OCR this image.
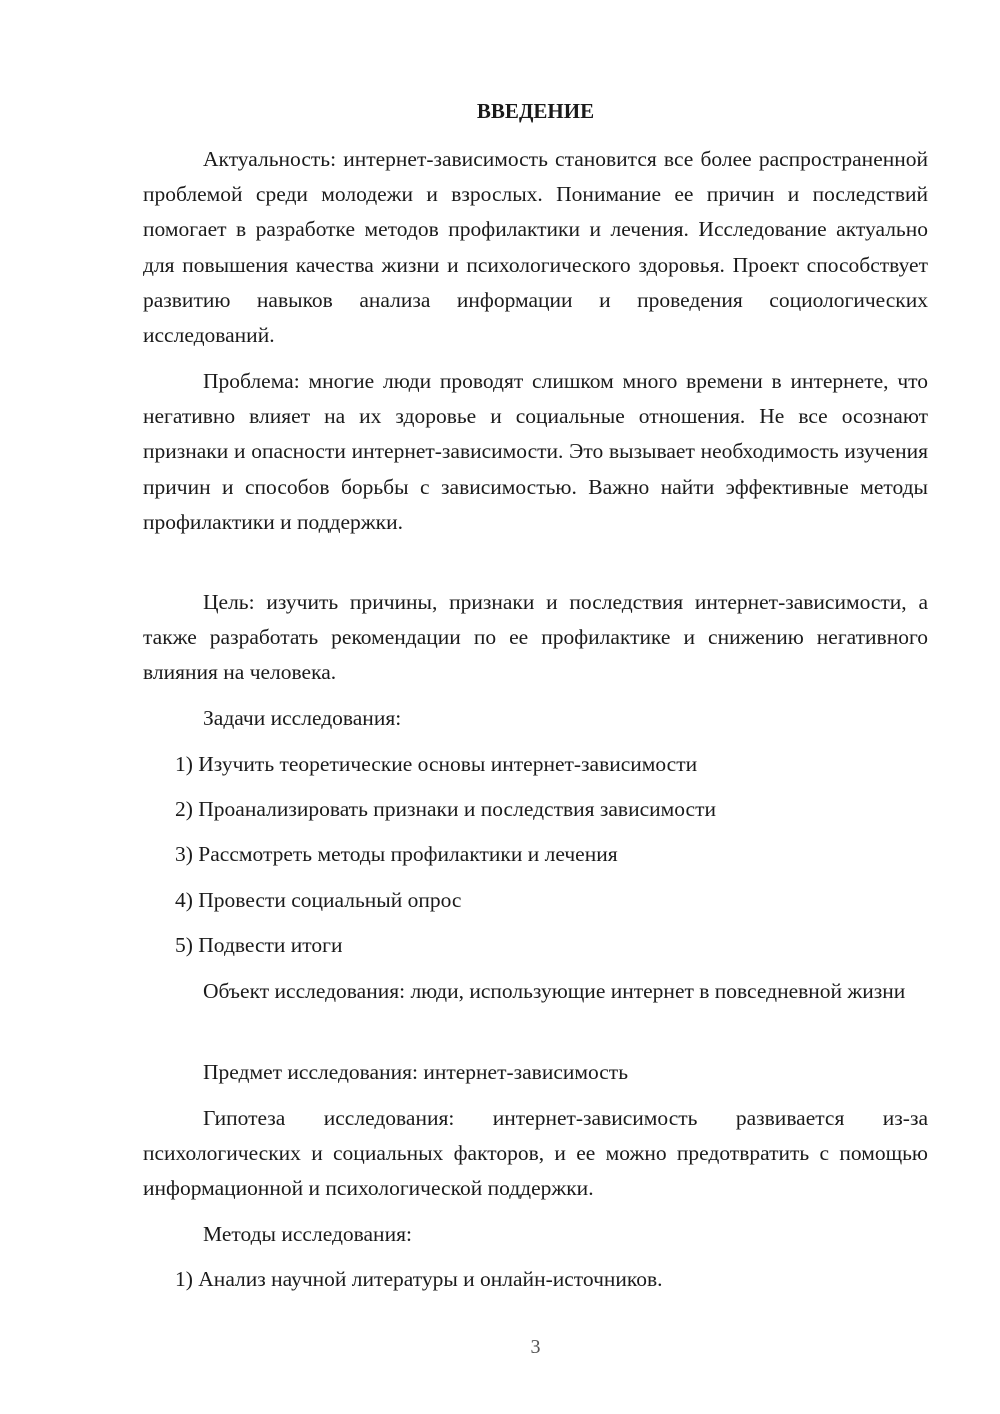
ВВЕДЕНИЕ

Актуальность: интернет-зависимость становится все более распространенной проблемой среди молодежи и взрослых. Понимание ее причин и последствий помогает в разработке методов профилактики и лечения. Исследование актуально для повышения качества жизни и психологического здоровья. Проект способствует развитию навыков анализа информации и проведения социологических исследований.

Проблема: многие люди проводят слишком много времени в интернете, что негативно влияет на их здоровье и социальные отношения. Не все осознают признаки и опасности интернет-зависимости. Это вызывает необходимость изучения причин и способов борьбы с зависимостью. Важно найти эффективные методы профилактики и поддержки.

Цель: изучить причины, признаки и последствия интернет-зависимости, а также разработать рекомендации по ее профилактике и снижению негативного влияния на человека.

Задачи исследования:

1) Изучить теоретические основы интернет-зависимости

2) Проанализировать признаки и последствия зависимости

3) Рассмотреть методы профилактики и лечения

4) Провести социальный опрос

5) Подвести итоги

Объект исследования: люди, использующие интернет в повседневной жизни

Предмет исследования: интернет-зависимость

Гипотеза исследования: интернет-зависимость развивается из-за психологических и социальных факторов, и ее можно предотвратить с помощью информационной и психологической поддержки.

Методы исследования:

1) Анализ научной литературы и онлайн-источников.

3
